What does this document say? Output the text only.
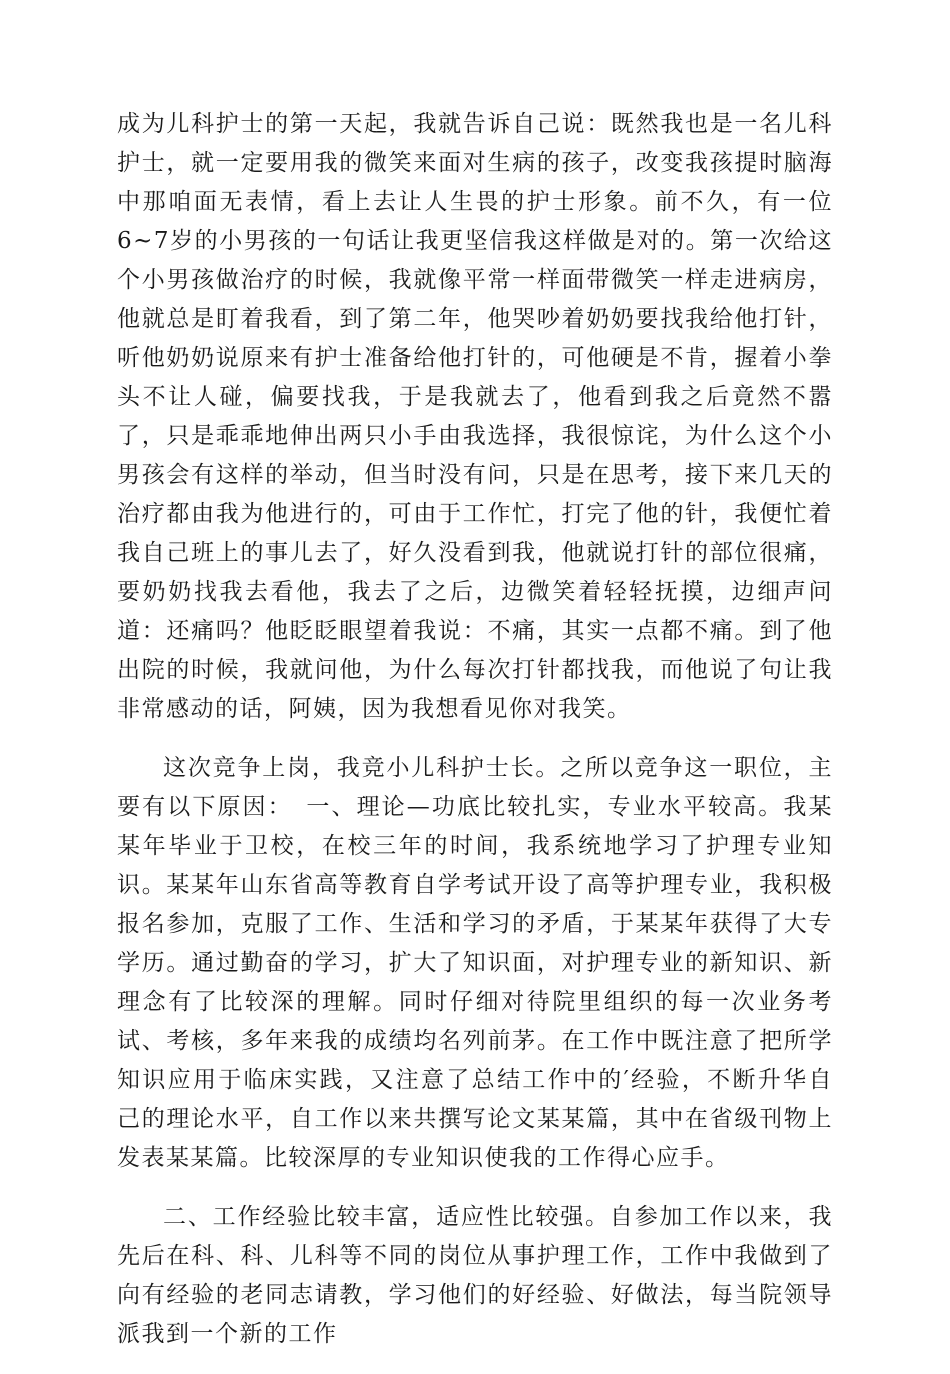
成为儿科护士的第一天起，我就告诉自己说：既然我也是一名儿科护士，就一定要用我的微笑来面对生病的孩子，改变我孩提时脑海中那咱面无表情，看上去让人生畏的护士形象。前不久，有一位6~7岁的小男孩的一句话让我更坚信我这样做是对的。第一次给这个小男孩做治疗的时候，我就像平常一样面带微笑一样走进病房，他就总是盯着我看，到了第二年，他哭吵着奶奶要找我给他打针，听他奶奶说原来有护士准备给他打针的，可他硬是不肯，握着小拳头不让人碰，偏要找我，于是我就去了，他看到我之后竟然不嚣了，只是乖乖地伸出两只小手由我选择，我很惊诧，为什么这个小男孩会有这样的举动，但当时没有问，只是在思考，接下来几天的治疗都由我为他进行的，可由于工作忙，打完了他的针，我便忙着我自己班上的事儿去了，好久没看到我，他就说打针的部位很痛，要奶奶找我去看他，我去了之后，边微笑着轻轻抚摸，边细声问道：还痛吗？他眨眨眼望着我说：不痛，其实一点都不痛。到了他出院的时候，我就问他，为什么每次打针都找我，而他说了句让我非常感动的话，阿姨，因为我想看见你对我笑。

这次竞争上岗，我竞小儿科护士长。之所以竞争这一职位，主要有以下原因：　一、理论—功底比较扎实，专业水平较高。我某某年毕业于卫校，在校三年的时间，我系统地学习了护理专业知识。某某年山东省高等教育自学考试开设了高等护理专业，我积极报名参加，克服了工作、生活和学习的矛盾，于某某年获得了大专学历。通过勤奋的学习，扩大了知识面，对护理专业的新知识、新理念有了比较深的理解。同时仔细对待院里组织的每一次业务考试、考核，多年来我的成绩均名列前茅。在工作中既注意了把所学知识应用于临床实践，又注意了总结工作中的′经验，不断升华自己的理论水平，自工作以来共撰写论文某某篇，其中在省级刊物上发表某某篇。比较深厚的专业知识使我的工作得心应手。

二、工作经验比较丰富，适应性比较强。自参加工作以来，我先后在科、科、儿科等不同的岗位从事护理工作，工作中我做到了向有经验的老同志请教，学习他们的好经验、好做法，每当院领导派我到一个新的工作
